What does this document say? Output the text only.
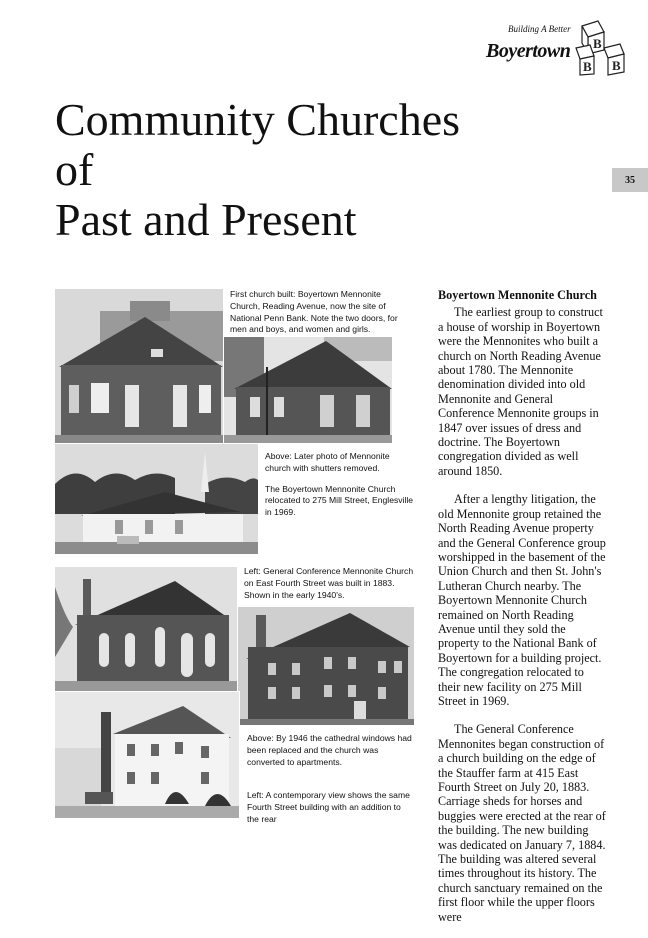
Building A Better
Boyertown B
B B
Community Churches
of
Past and Present
35

First church built: Boyertown Mennonite Church, Reading Avenue, now the site of National Penn Bank. Note the two doors, for men and boys, and women and girls.

Above: Later photo of Mennonite church with shutters removed.

The Boyertown Mennonite Church relocated to 275 Mill Street, Englesville in 1969.

Left: General Conference Mennonite Church on East Fourth Street was built in 1883. Shown in the early 1940's.

Above: By 1946 the cathedral windows had been replaced and the church was converted to apartments.

Left: A contemporary view shows the same Fourth Street building with an addition to the rear

Boyertown Mennonite Church

The earliest group to construct a house of worship in Boyertown were the Mennonites who built a church on North Reading Avenue about 1780. The Mennonite denomination divided into old Mennonite and General Conference Mennonite groups in 1847 over issues of dress and doctrine. The Boyertown congregation divided as well around 1850.

After a lengthy litigation, the old Mennonite group retained the North Reading Avenue property and the General Conference group worshipped in the basement of the Union Church and then St. John's Lutheran Church nearby. The Boyertown Mennonite Church remained on North Reading Avenue until they sold the property to the National Bank of Boyertown for a building project. The congregation relocated to their new facility on 275 Mill Street in 1969.

The General Conference Mennonites began construction of a church building on the edge of the Stauffer farm at 415 East Fourth Street on July 20, 1883. Carriage sheds for horses and buggies were erected at the rear of the building. The new building was dedicated on January 7, 1884. The building was altered several times throughout its history. The church sanctuary remained on the first floor while the upper floors were
